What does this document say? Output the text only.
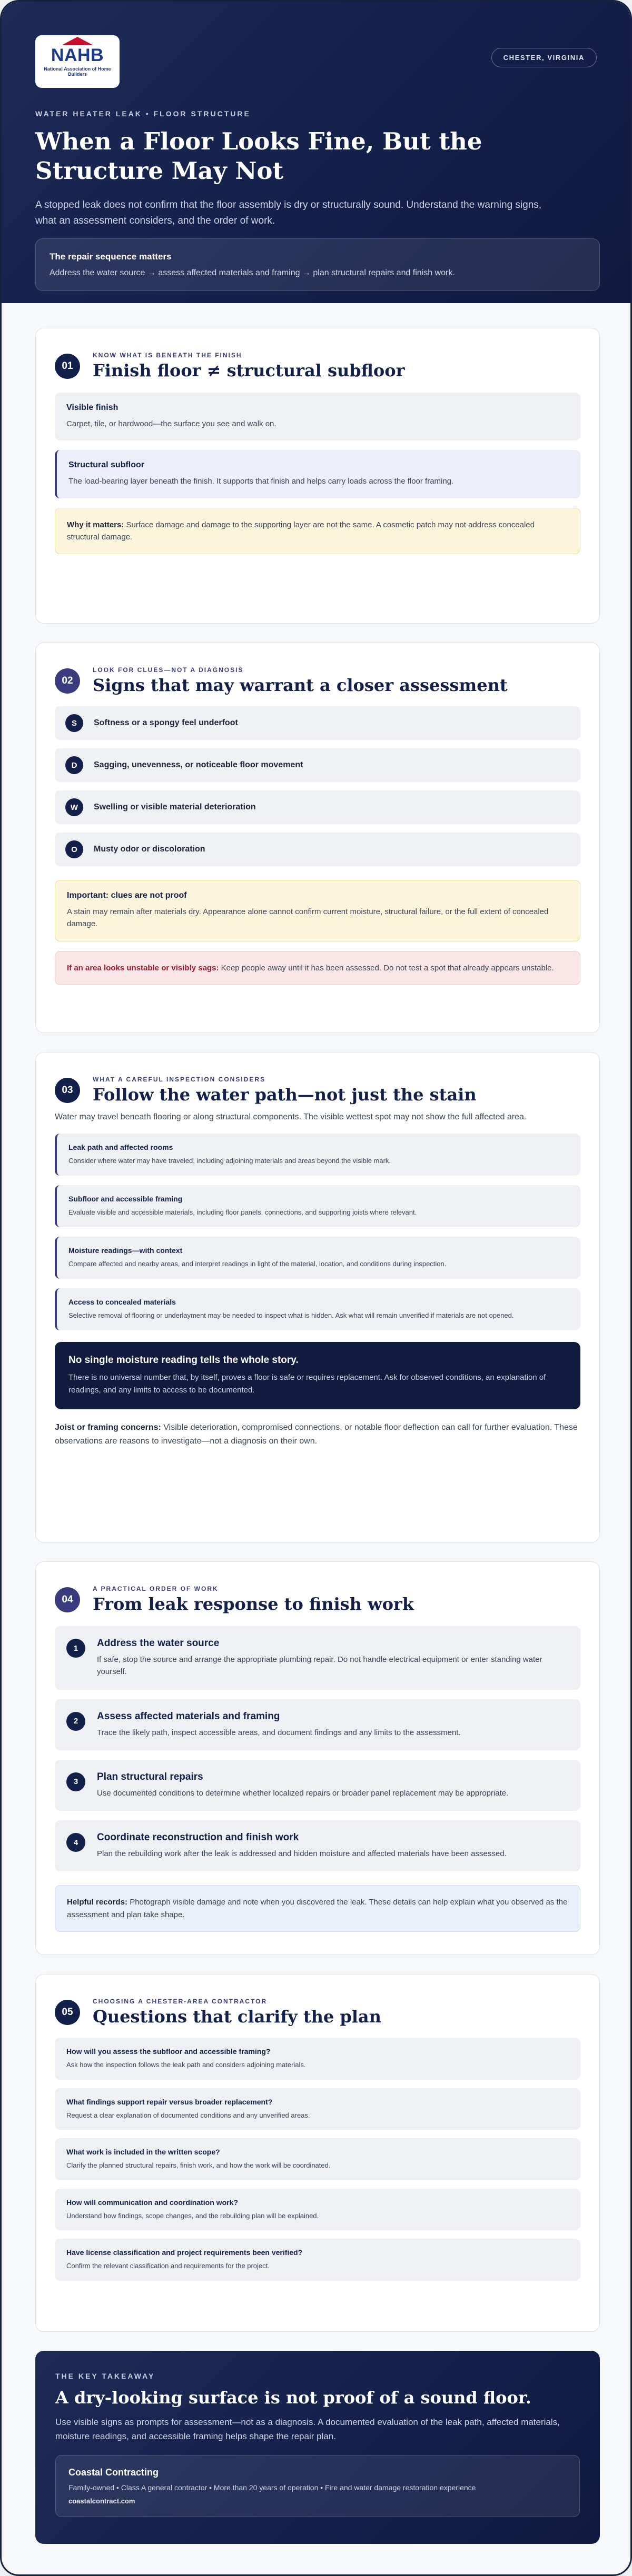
NAHB
National Association of Home Builders
CHESTER, VIRGINIA
WATER HEATER LEAK • FLOOR STRUCTURE
When a Floor Looks Fine, But the Structure May Not

A stopped leak does not confirm that the floor assembly is dry or structurally sound. Understand the warning signs, what an assessment considers, and the order of work.

The repair sequence matters
Address the water source → assess affected materials and framing → plan structural repairs and finish work.
01
KNOW WHAT IS BENEATH THE FINISH
Finish floor ≠ structural subfloor
Visible finish
Carpet, tile, or hardwood—the surface you see and walk on.
Structural subfloor
The load-bearing layer beneath the finish. It supports that finish and helps carry loads across the floor framing.
Why it matters: Surface damage and damage to the supporting layer are not the same. A cosmetic patch may not address concealed structural damage.
02
LOOK FOR CLUES—NOT A DIAGNOSIS
Signs that may warrant a closer assessment
S	Softness or a spongy feel underfoot
D	Sagging, unevenness, or noticeable floor movement
W	Swelling or visible material deterioration
O	Musty odor or discoloration
Important: clues are not proof
A stain may remain after materials dry. Appearance alone cannot confirm current moisture, structural failure, or the full extent of concealed damage.
If an area looks unstable or visibly sags: Keep people away until it has been assessed. Do not test a spot that already appears unstable.
03
WHAT A CAREFUL INSPECTION CONSIDERS
Follow the water path—not just the stain

Water may travel beneath flooring or along structural components. The visible wettest spot may not show the full affected area.

Leak path and affected rooms
Consider where water may have traveled, including adjoining materials and areas beyond the visible mark.
Subfloor and accessible framing
Evaluate visible and accessible materials, including floor panels, connections, and supporting joists where relevant.
Moisture readings—with context
Compare affected and nearby areas, and interpret readings in light of the material, location, and conditions during inspection.
Access to concealed materials
Selective removal of flooring or underlayment may be needed to inspect what is hidden. Ask what will remain unverified if materials are not opened.
No single moisture reading tells the whole story.
There is no universal number that, by itself, proves a floor is safe or requires replacement. Ask for observed conditions, an explanation of readings, and any limits to access to be documented.

Joist or framing concerns: Visible deterioration, compromised connections, or notable floor deflection can call for further evaluation. These observations are reasons to investigate—not a diagnosis on their own.

04
A PRACTICAL ORDER OF WORK
From leak response to finish work
1	Address the water source
If safe, stop the source and arrange the appropriate plumbing repair. Do not handle electrical equipment or enter standing water yourself.
2	Assess affected materials and framing
Trace the likely path, inspect accessible areas, and document findings and any limits to the assessment.
3	Plan structural repairs
Use documented conditions to determine whether localized repairs or broader panel replacement may be appropriate.
4	Coordinate reconstruction and finish work
Plan the rebuilding work after the leak is addressed and hidden moisture and affected materials have been assessed.
Helpful records: Photograph visible damage and note when you discovered the leak. These details can help explain what you observed as the assessment and plan take shape.
05
CHOOSING A CHESTER-AREA CONTRACTOR
Questions that clarify the plan
How will you assess the subfloor and accessible framing?
Ask how the inspection follows the leak path and considers adjoining materials.
What findings support repair versus broader replacement?
Request a clear explanation of documented conditions and any unverified areas.
What work is included in the written scope?
Clarify the planned structural repairs, finish work, and how the work will be coordinated.
How will communication and coordination work?
Understand how findings, scope changes, and the rebuilding plan will be explained.
Have license classification and project requirements been verified?
Confirm the relevant classification and requirements for the project.
THE KEY TAKEAWAY
A dry-looking surface is not proof of a sound floor.

Use visible signs as prompts for assessment—not as a diagnosis. A documented evaluation of the leak path, affected materials, moisture readings, and accessible framing helps shape the repair plan.

Coastal Contracting
Family-owned • Class A general contractor • More than 20 years of operation • Fire and water damage restoration experience
coastalcontract.com
